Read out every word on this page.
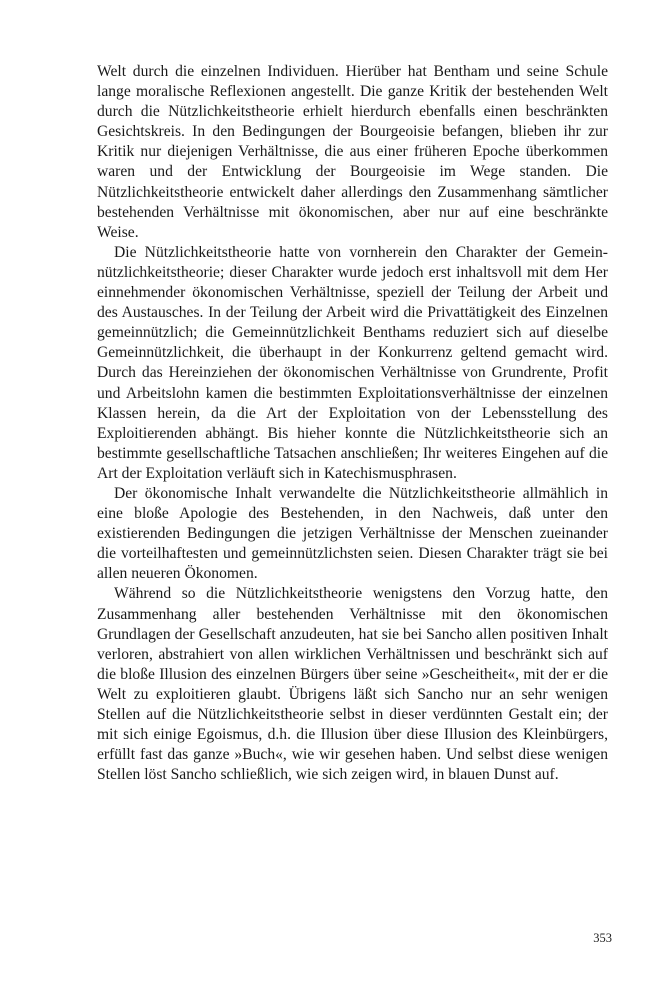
Welt durch die einzelnen Individuen. Hierüber hat Bentham und seine Schule lange moralische Reflexionen angestellt. Die ganze Kritik der bestehenden Welt durch die Nützlichkeitstheorie erhielt hierdurch ebenfalls einen beschränkten Gesichtskreis. In den Bedingungen der Bourgeoisie befangen, blieben ihr zur Kritik nur diejenigen Verhältnisse, die aus einer früheren Epoche überkommen waren und der Entwicklung der Bourgeoisie im Wege standen. Die Nützlichkeitstheorie entwickelt daher allerdings den Zusammenhang sämtlicher bestehenden Verhältnisse mit ökonomischen, aber nur auf eine beschränkte Weise.

Die Nützlichkeitstheorie hatte von vornherein den Charakter der Gemeinnützlichkeitstheorie; dieser Charakter wurde jedoch erst inhaltsvoll mit dem Her einnehmender ökonomischen Verhältnisse, speziell der Teilung der Arbeit und des Austausches. In der Teilung der Arbeit wird die Privattätigkeit des Einzelnen gemeinnützlich; die Gemeinnützlichkeit Benthams reduziert sich auf dieselbe Gemeinnützlichkeit, die überhaupt in der Konkurrenz geltend gemacht wird. Durch das Hereinziehen der ökonomischen Verhältnisse von Grundrente, Profit und Arbeitslohn kamen die bestimmten Exploitationsverhältnisse der einzelnen Klassen herein, da die Art der Exploitation von der Lebensstellung des Exploitierenden abhängt. Bis hieher konnte die Nützlichkeitstheorie sich an bestimmte gesellschaftliche Tatsachen anschließen; Ihr weiteres Eingehen auf die Art der Exploitation verläuft sich in Katechismusphrasen.

Der ökonomische Inhalt verwandelte die Nützlichkeitstheorie allmählich in eine bloße Apologie des Bestehenden, in den Nachweis, daß unter den existierenden Bedingungen die jetzigen Verhältnisse der Menschen zueinander die vorteilhaftesten und gemeinnützlichsten seien. Diesen Charakter trägt sie bei allen neueren Ökonomen.

Während so die Nützlichkeitstheorie wenigstens den Vorzug hatte, den Zusammenhang aller bestehenden Verhältnisse mit den ökonomischen Grundlagen der Gesellschaft anzudeuten, hat sie bei Sancho allen positiven Inhalt verloren, abstrahiert von allen wirklichen Verhältnissen und beschränkt sich auf die bloße Illusion des einzelnen Bürgers über seine »Gescheitheit«, mit der er die Welt zu exploitieren glaubt. Übrigens läßt sich Sancho nur an sehr wenigen Stellen auf die Nützlichkeitstheorie selbst in dieser verdünnten Gestalt ein; der mit sich einige Egoismus, d.h. die Illusion über diese Illusion des Kleinbürgers, erfüllt fast das ganze »Buch«, wie wir gesehen haben. Und selbst diese wenigen Stellen löst Sancho schließlich, wie sich zeigen wird, in blauen Dunst auf.

353
